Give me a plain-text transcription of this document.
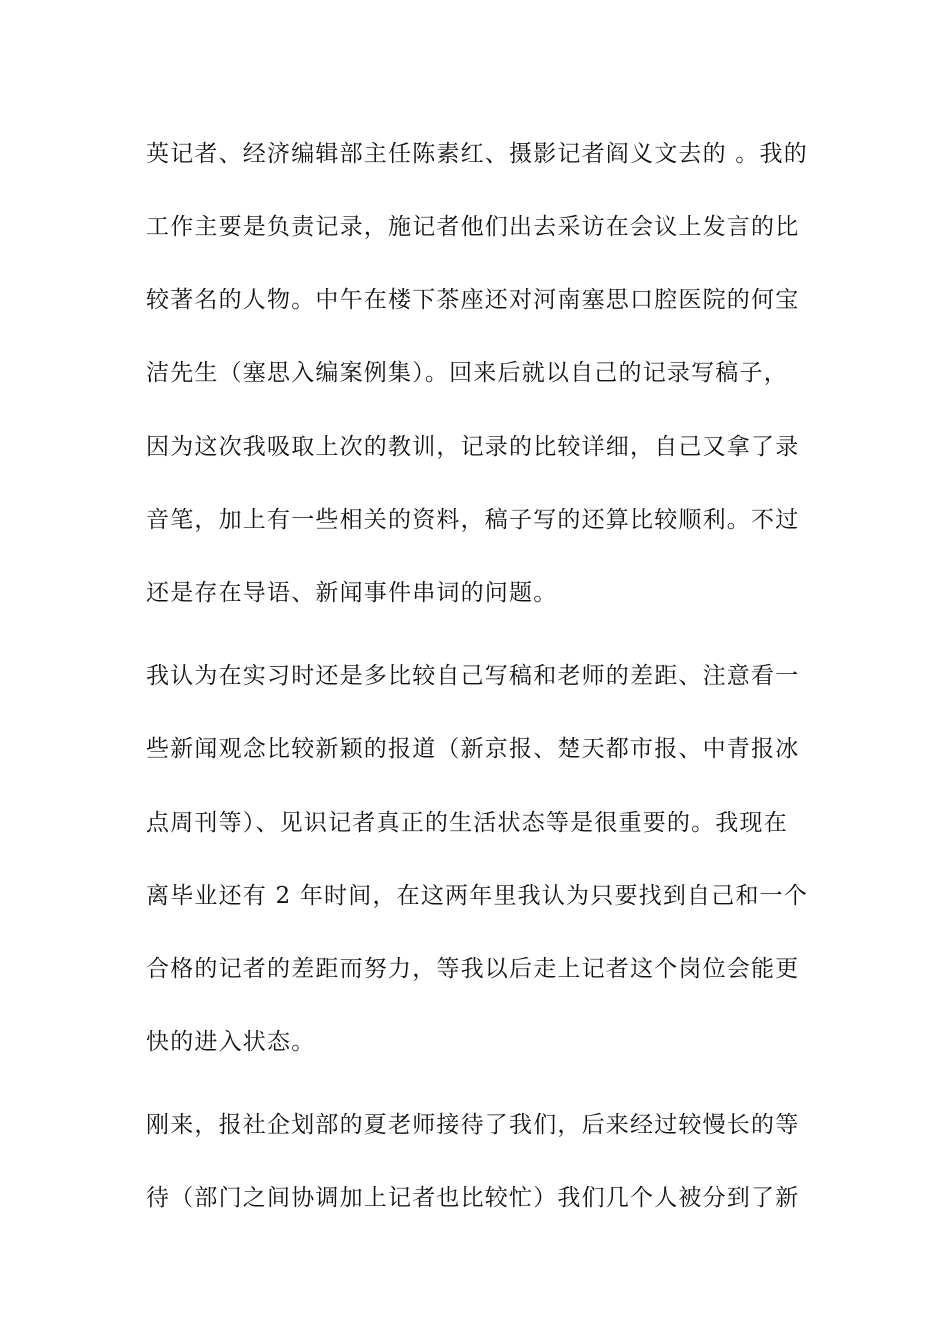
英记者、经济编辑部主任陈素红、摄影记者阎义文去的 。我的
工作主要是负责记录，施记者他们出去采访在会议上发言的比
较著名的人物。中午在楼下茶座还对河南塞思口腔医院的何宝
洁先生（塞思入编案例集）。回来后就以自己的记录写稿子，
因为这次我吸取上次的教训，记录的比较详细，自己又拿了录
音笔，加上有一些相关的资料，稿子写的还算比较顺利。不过
还是存在导语、新闻事件串词的问题。
我认为在实习时还是多比较自己写稿和老师的差距、注意看一
些新闻观念比较新颖的报道（新京报、楚天都市报、中青报冰
点周刊等）、见识记者真正的生活状态等是很重要的。我现在
离毕业还有 2 年时间，在这两年里我认为只要找到自己和一个
合格的记者的差距而努力，等我以后走上记者这个岗位会能更
快的进入状态。
刚来，报社企划部的夏老师接待了我们，后来经过较慢长的等
待（部门之间协调加上记者也比较忙）我们几个人被分到了新
